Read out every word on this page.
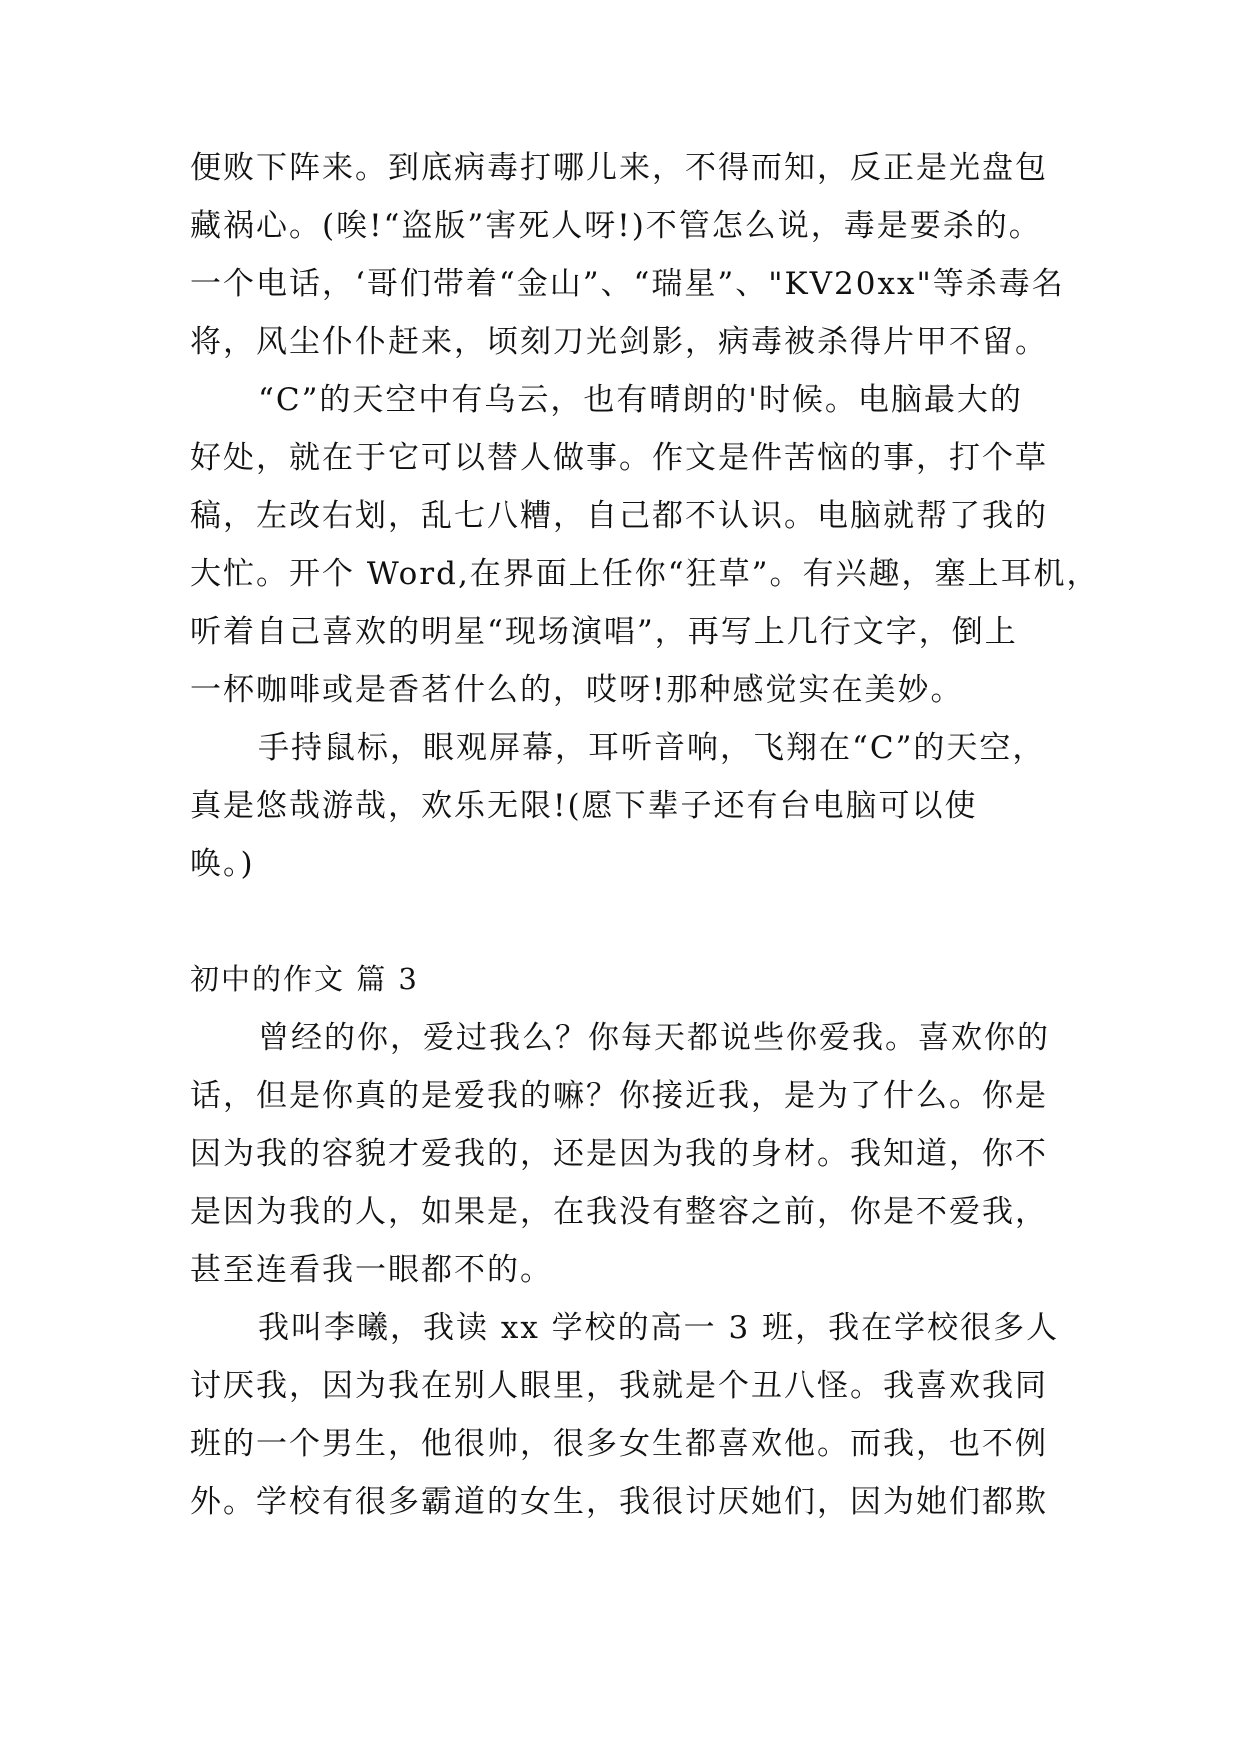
便败下阵来。到底病毒打哪儿来，不得而知，反正是光盘包
藏祸心。(唉!“盗版”害死人呀!)不管怎么说，毒是要杀的。
一个电话，‘哥们带着“金山”、“瑞星”、"KV20xx"等杀毒名
将，风尘仆仆赶来，顷刻刀光剑影，病毒被杀得片甲不留。
“C”的天空中有乌云，也有晴朗的'时候。电脑最大的
好处，就在于它可以替人做事。作文是件苦恼的事，打个草
稿，左改右划，乱七八糟，自己都不认识。电脑就帮了我的
大忙。开个 Word,在界面上任你“狂草”。有兴趣，塞上耳机，
听着自己喜欢的明星“现场演唱”，再写上几行文字，倒上
一杯咖啡或是香茗什么的，哎呀!那种感觉实在美妙。
手持鼠标，眼观屏幕，耳听音响，飞翔在“C”的天空，
真是悠哉游哉，欢乐无限!(愿下辈子还有台电脑可以使
唤。)
初中的作文 篇 3
曾经的你，爱过我么？你每天都说些你爱我。喜欢你的
话，但是你真的是爱我的嘛？你接近我，是为了什么。你是
因为我的容貌才爱我的，还是因为我的身材。我知道，你不
是因为我的人，如果是，在我没有整容之前，你是不爱我，
甚至连看我一眼都不的。
我叫李曦，我读 xx 学校的高一 3 班，我在学校很多人
讨厌我，因为我在别人眼里，我就是个丑八怪。我喜欢我同
班的一个男生，他很帅，很多女生都喜欢他。而我，也不例
外。学校有很多霸道的女生，我很讨厌她们，因为她们都欺
